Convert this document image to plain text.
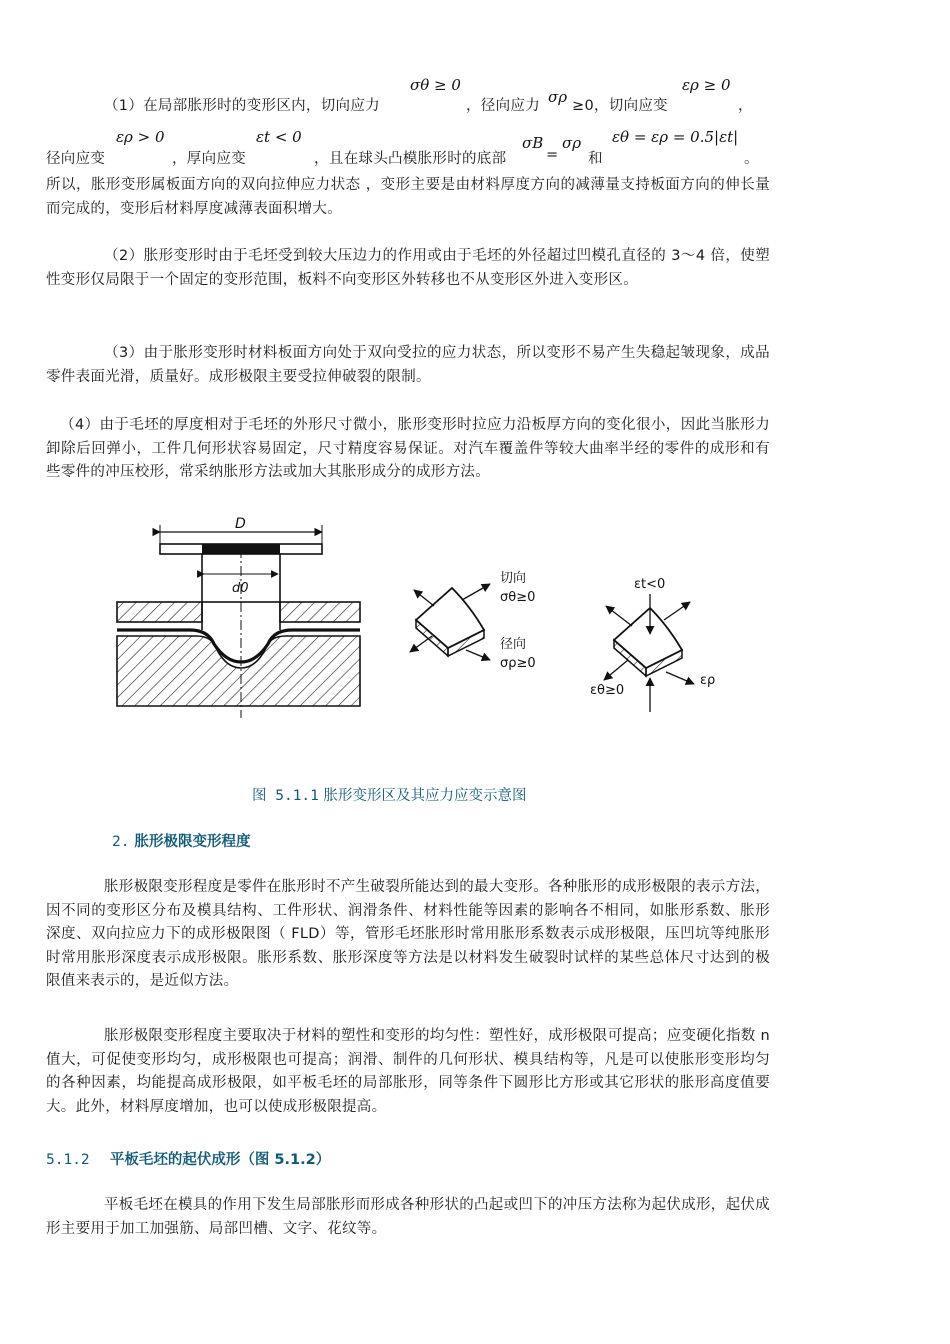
（1）在局部胀形时的变形区内，切向应力
σθ ≥ 0
，径向应力 σρ ≥0，切向应变
ερ ≥ 0
，
径向应变
ερ > 0
，厚向应变
εt < 0
，且在球头凸模胀形时的底部
σB
=
σρ
和
εθ = ερ = 0.5|εt|
。

所以，胀形变形属板面方向的双向拉伸应力状态 ，变形主要是由材料厚度方向的减薄量支持板面方向的伸长量而完成的，变形后材料厚度减薄表面积增大。

（2）胀形变形时由于毛坯受到较大压边力的作用或由于毛坯的外径超过凹模孔直径的 3～4 倍，使塑性变形仅局限于一个固定的变形范围，板料不向变形区外转移也不从变形区外进入变形区。

（3）由于胀形变形时材料板面方向处于双向受拉的应力状态，所以变形不易产生失稳起皱现象，成品零件表面光滑，质量好。成形极限主要受拉伸破裂的限制。

（4）由于毛坯的厚度相对于毛坯的外形尺寸微小，胀形变形时拉应力沿板厚方向的变化很小，因此当胀形力卸除后回弹小，工件几何形状容易固定，尺寸精度容易保证。对汽车覆盖件等较大曲率半经的零件的成形和有些零件的冲压校形，常采纳胀形方法或加大其胀形成分的成形方法。

D
d0
切向
σθ≥0
径向
σρ≥0
εt<0
εθ≥0
ερ

图 5.1.1 胀形变形区及其应力应变示意图

2. 胀形极限变形程度

胀形极限变形程度是零件在胀形时不产生破裂所能达到的最大变形。各种胀形的成形极限的表示方法，因不同的变形区分布及模具结构、工件形状、润滑条件、材料性能等因素的影响各不相同，如胀形系数、胀形深度、双向拉应力下的成形极限图（ FLD）等，管形毛坯胀形时常用胀形系数表示成形极限，压凹坑等纯胀形时常用胀形深度表示成形极限。胀形系数、胀形深度等方法是以材料发生破裂时试样的某些总体尺寸达到的极限值来表示的，是近似方法。

胀形极限变形程度主要取决于材料的塑性和变形的均匀性：塑性好，成形极限可提高；应变硬化指数 n 值大，可促使变形均匀，成形极限也可提高；润滑、制件的几何形状、模具结构等，凡是可以使胀形变形均匀的各种因素，均能提高成形极限，如平板毛坯的局部胀形，同等条件下圆形比方形或其它形状的胀形高度值要大。此外，材料厚度增加，也可以使成形极限提高。

5.1.2 平板毛坯的起伏成形（图 5.1.2）

平板毛坯在模具的作用下发生局部胀形而形成各种形状的凸起或凹下的冲压方法称为起伏成形，起伏成形主要用于加工加强筋、局部凹槽、文字、花纹等。
